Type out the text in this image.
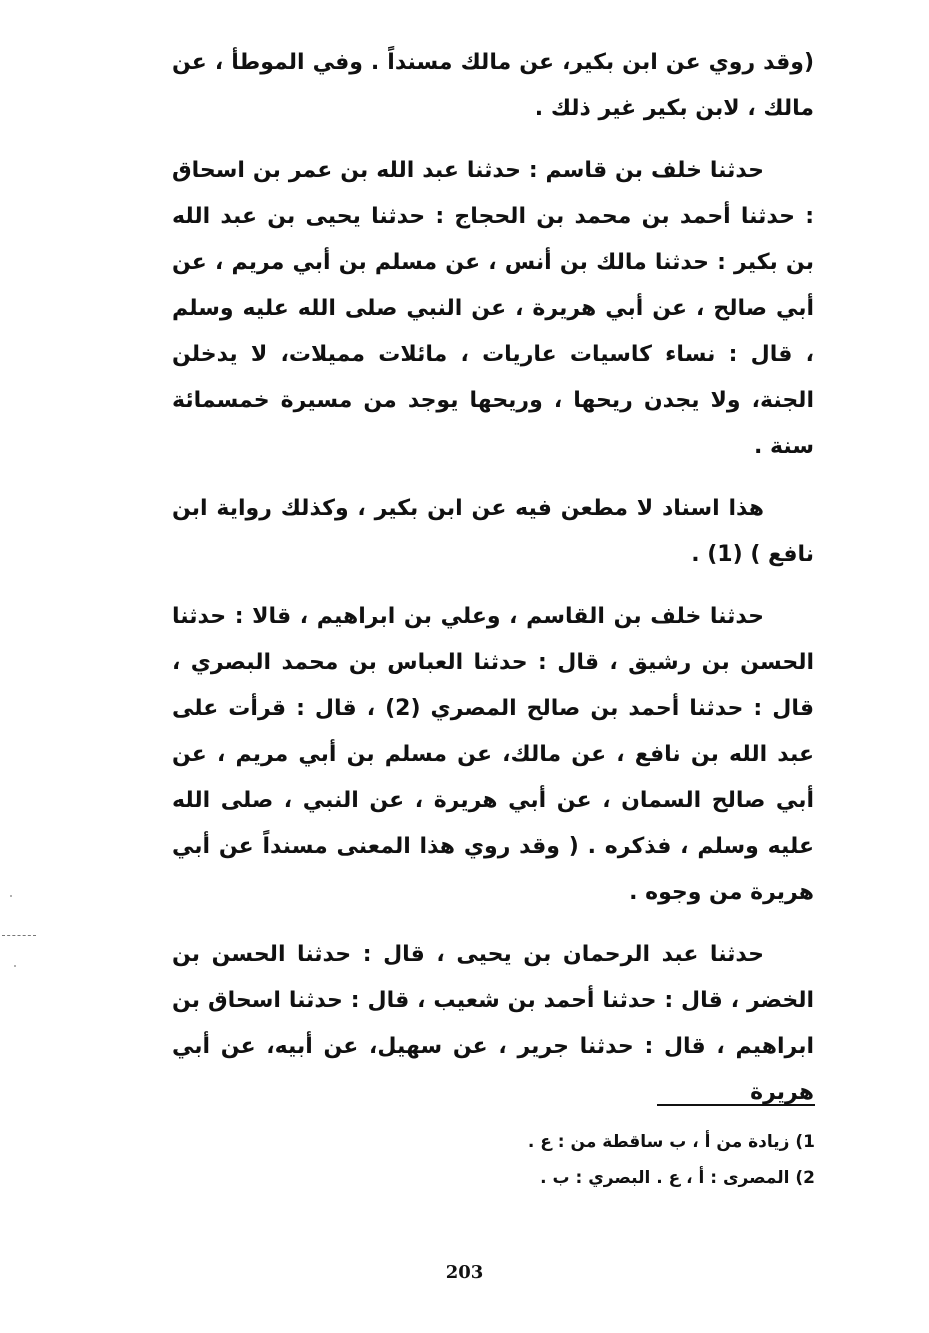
(وقد روي عن ابن بكير، عن مالك مسنداً . وفي الموطأ ، عن مالك ، لابن بكير غير ذلك .

حدثنا خلف بن قاسم : حدثنا عبد الله بن عمر بن اسحاق : حدثنا أحمد بن محمد بن الحجاج : حدثنا يحيى بن عبد الله بن بكير : حدثنا مالك بن أنس ، عن مسلم بن أبي مريم ، عن أبي صالح ، عن أبي هريرة ، عن النبي صلى الله عليه وسلم ، قال : نساء كاسيات عاريات ، مائلات مميلات، لا يدخلن الجنة، ولا يجدن ريحها ، وريحها يوجد من مسيرة خمسمائة سنة .

هذا اسناد لا مطعن فيه عن ابن بكير ، وكذلك رواية ابن نافع ) (1) .

حدثنا خلف بن القاسم ، وعلي بن ابراهيم ، قالا : حدثنا الحسن بن رشيق ، قال : حدثنا العباس بن محمد البصري ، قال : حدثنا أحمد بن صالح المصري (2) ، قال : قرأت على عبد الله بن نافع ، عن مالك، عن مسلم بن أبي مريم ، عن أبي صالح السمان ، عن أبي هريرة ، عن النبي ، صلى الله عليه وسلم ، فذكره . ( وقد روي هذا المعنى مسنداً عن أبي هريرة من وجوه .

حدثنا عبد الرحمان بن يحيى ، قال : حدثنا الحسن بن الخضر ، قال : حدثنا أحمد بن شعيب ، قال : حدثنا اسحاق بن ابراهيم ، قال : حدثنا جرير ، عن سهيل، عن أبيه، عن أبي هريرة

1) زيادة من أ ، ب ساقطة من : ع .

2) المصرى : أ ، ع . البصري : ب .

203
